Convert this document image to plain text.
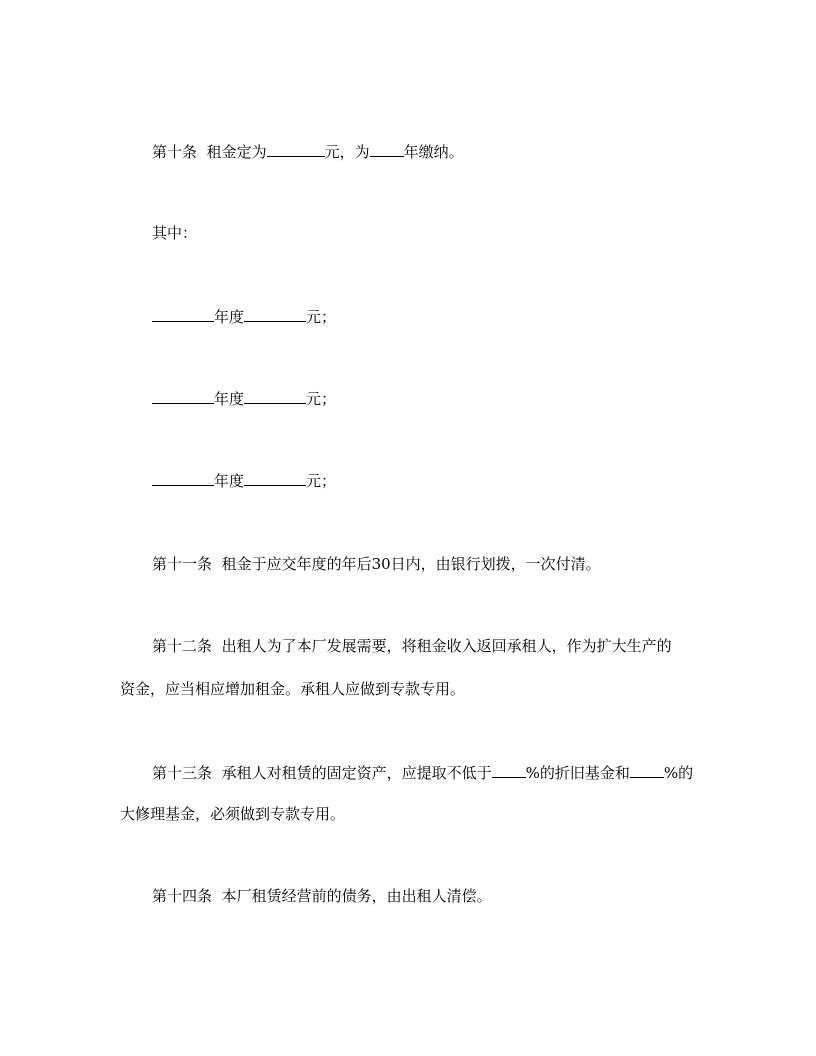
第十条 租金定为	元，为 年缴纳。
其中：
年度	元；
年度	元；
年度	元；
第十一条 租金于应交年度的年后30日内，由银行划拨，一次付清。
第十二条 出租人为了本厂发展需要，将租金收入返回承租人，作为扩大生产的
资金，应当相应增加租金。承租人应做到专款专用。
第十三条 承租人对租赁的固定资产，应提取不低于 %的折旧基金和 %的
大修理基金，必须做到专款专用。
第十四条 本厂租赁经营前的债务，由出租人清偿。
